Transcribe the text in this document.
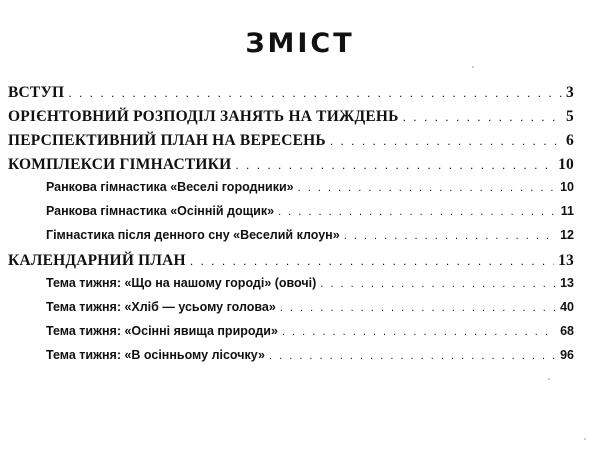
ЗМІСТ
ВСТУП . . .	3
ОРІЄНТОВНИЙ РОЗПОДІЛ ЗАНЯТЬ НА ТИЖДЕНЬ . . .	5
ПЕРСПЕКТИВНИЙ ПЛАН НА ВЕРЕСЕНЬ . . .	6
КОМПЛЕКСИ ГІМНАСТИКИ . . .	10
Ранкова гімнастика «Веселі городники» . . .	10
Ранкова гімнастика «Осінній дощик» . . .	11
Гімнастика після денного сну «Веселий клоун» . . .	12
КАЛЕНДАРНИЙ ПЛАН . . .	13
Тема тижня: «Що на нашому городі» (овочі) . . .	13
Тема тижня: «Хліб — усьому голова» . . .	40
Тема тижня: «Осінні явища природи» . . .	68
Тема тижня: «В осінньому лісочку» . . .	96
